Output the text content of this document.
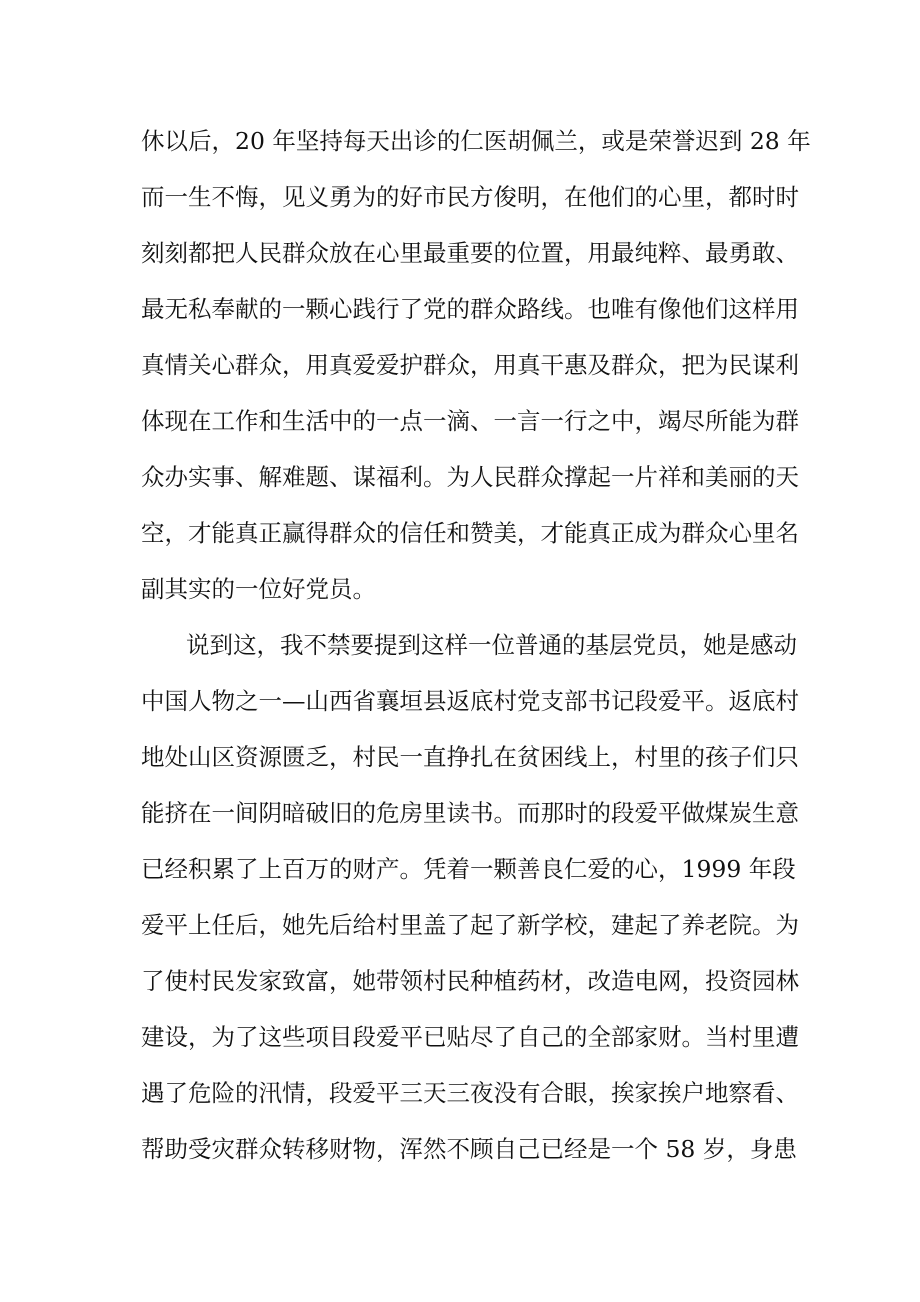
休以后，20 年坚持每天出诊的仁医胡佩兰，或是荣誉迟到 28 年
而一生不悔，见义勇为的好市民方俊明，在他们的心里，都时时
刻刻都把人民群众放在心里最重要的位置，用最纯粹、最勇敢、
最无私奉献的一颗心践行了党的群众路线。也唯有像他们这样用
真情关心群众，用真爱爱护群众，用真干惠及群众，把为民谋利
体现在工作和生活中的一点一滴、一言一行之中，竭尽所能为群
众办实事、解难题、谋福利。为人民群众撑起一片祥和美丽的天
空，才能真正赢得群众的信任和赞美，才能真正成为群众心里名
副其实的一位好党员。
说到这，我不禁要提到这样一位普通的基层党员，她是感动
中国人物之一—山西省襄垣县返底村党支部书记段爱平。返底村
地处山区资源匮乏，村民一直挣扎在贫困线上，村里的孩子们只
能挤在一间阴暗破旧的危房里读书。而那时的段爱平做煤炭生意
已经积累了上百万的财产。凭着一颗善良仁爱的心，1999 年段
爱平上任后，她先后给村里盖了起了新学校，建起了养老院。为
了使村民发家致富，她带领村民种植药材，改造电网，投资园林
建设，为了这些项目段爱平已贴尽了自己的全部家财。当村里遭
遇了危险的汛情，段爱平三天三夜没有合眼，挨家挨户地察看、
帮助受灾群众转移财物，浑然不顾自己已经是一个 58 岁，身患
